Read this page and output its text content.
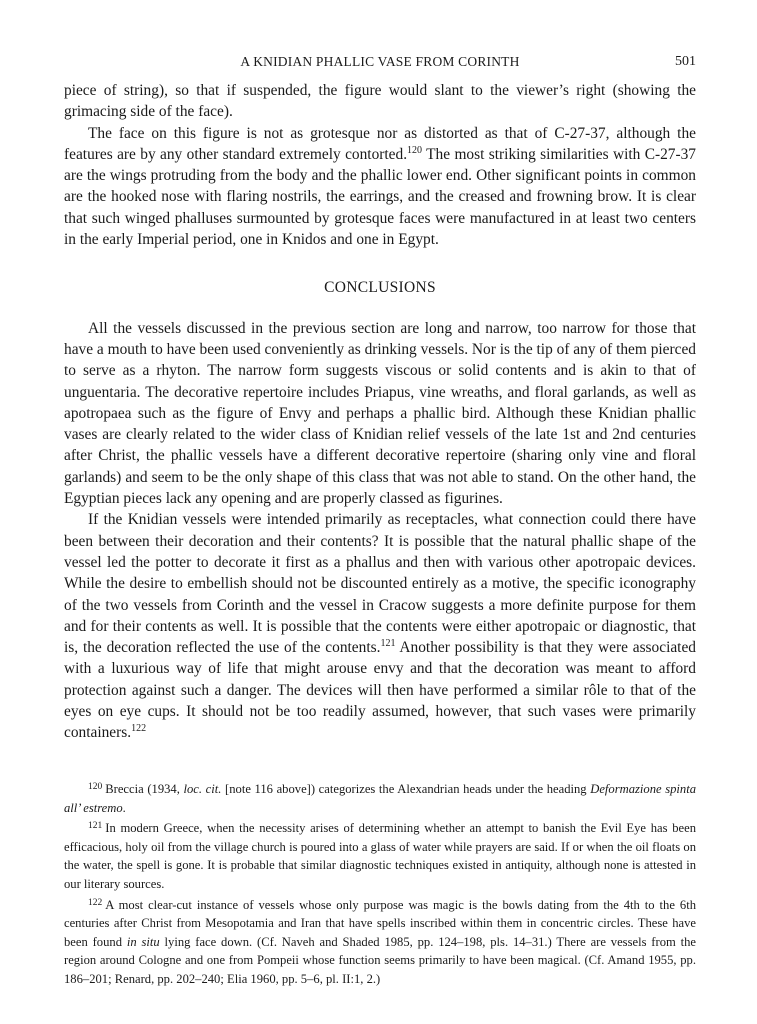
A KNIDIAN PHALLIC VASE FROM CORINTH	501

piece of string), so that if suspended, the figure would slant to the viewer’s right (showing the grimacing side of the face).

The face on this figure is not as grotesque nor as distorted as that of C-27-37, although the features are by any other standard extremely contorted.$^{120}$ The most striking similarities with C-27-37 are the wings protruding from the body and the phallic lower end. Other significant points in common are the hooked nose with flaring nostrils, the earrings, and the creased and frowning brow. It is clear that such winged phalluses surmounted by grotesque faces were manufactured in at least two centers in the early Imperial period, one in Knidos and one in Egypt.

CONCLUSIONS

All the vessels discussed in the previous section are long and narrow, too narrow for those that have a mouth to have been used conveniently as drinking vessels. Nor is the tip of any of them pierced to serve as a rhyton. The narrow form suggests viscous or solid contents and is akin to that of unguentaria. The decorative repertoire includes Priapus, vine wreaths, and floral garlands, as well as apotropaea such as the figure of Envy and perhaps a phallic bird. Although these Knidian phallic vases are clearly related to the wider class of Knidian relief vessels of the late 1st and 2nd centuries after Christ, the phallic vessels have a different decorative repertoire (sharing only vine and floral garlands) and seem to be the only shape of this class that was not able to stand. On the other hand, the Egyptian pieces lack any opening and are properly classed as figurines.

If the Knidian vessels were intended primarily as receptacles, what connection could there have been between their decoration and their contents? It is possible that the natural phallic shape of the vessel led the potter to decorate it first as a phallus and then with various other apotropaic devices. While the desire to embellish should not be discounted entirely as a motive, the specific iconography of the two vessels from Corinth and the vessel in Cracow suggests a more definite purpose for them and for their contents as well. It is possible that the contents were either apotropaic or diagnostic, that is, the decoration reflected the use of the contents.$^{121}$ Another possibility is that they were associated with a luxurious way of life that might arouse envy and that the decoration was meant to afford protection against such a danger. The devices will then have performed a similar rôle to that of the eyes on eye cups. It should not be too readily assumed, however, that such vases were primarily containers.$^{122}$

$^{120}$ Breccia (1934, loc. cit. [note 116 above]) categorizes the Alexandrian heads under the heading Deformazione spinta all’ estremo.

$^{121}$ In modern Greece, when the necessity arises of determining whether an attempt to banish the Evil Eye has been efficacious, holy oil from the village church is poured into a glass of water while prayers are said. If or when the oil floats on the water, the spell is gone. It is probable that similar diagnostic techniques existed in antiquity, although none is attested in our literary sources.

$^{122}$ A most clear-cut instance of vessels whose only purpose was magic is the bowls dating from the 4th to the 6th centuries after Christ from Mesopotamia and Iran that have spells inscribed within them in concentric circles. These have been found in situ lying face down. (Cf. Naveh and Shaded 1985, pp. 124–198, pls. 14–31.) There are vessels from the region around Cologne and one from Pompeii whose function seems primarily to have been magical. (Cf. Amand 1955, pp. 186–201; Renard, pp. 202–240; Elia 1960, pp. 5–6, pl. II:1, 2.)
